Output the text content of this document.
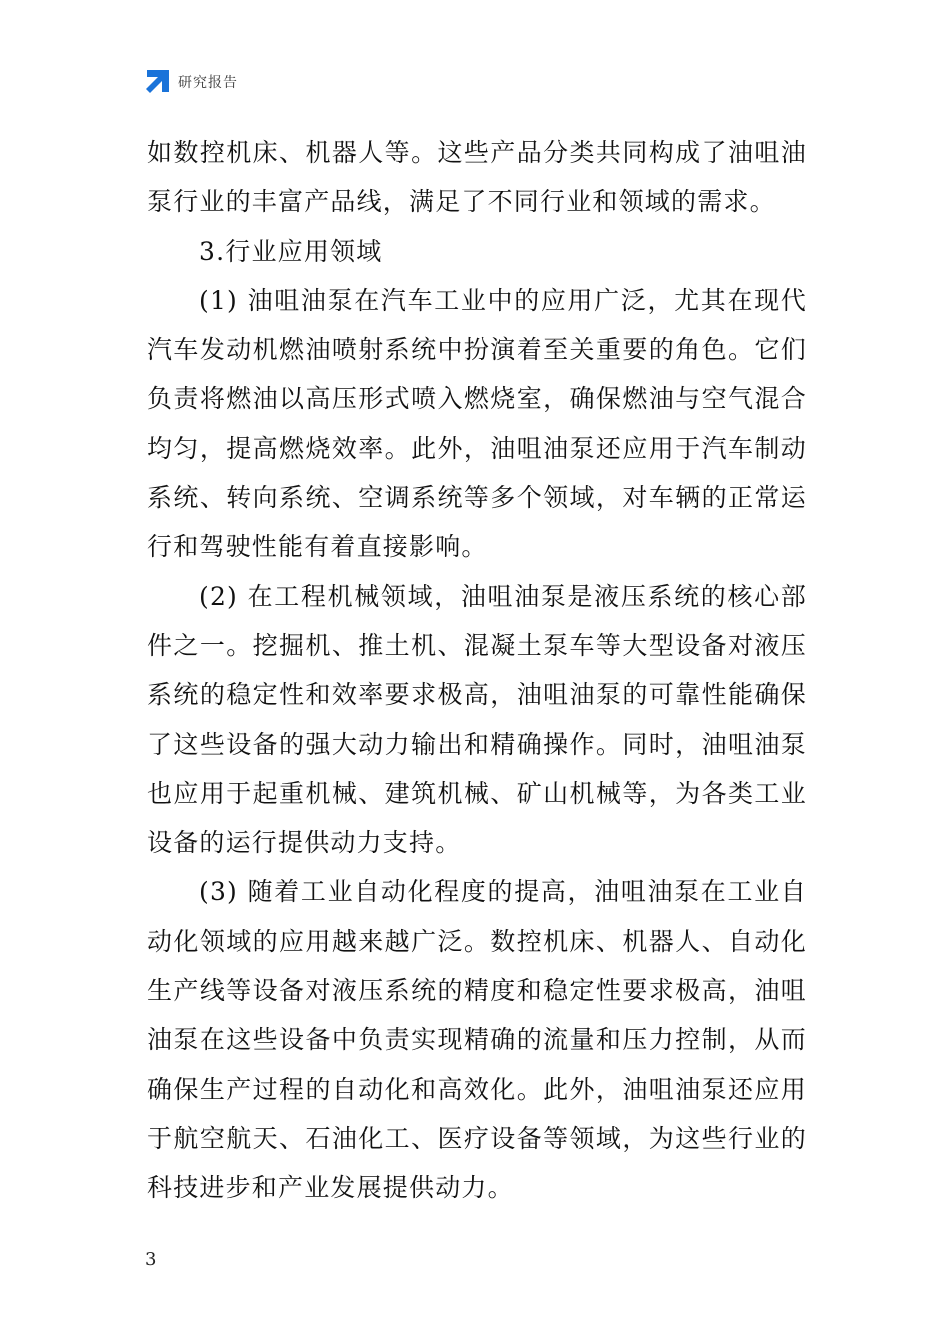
研究报告

如数控机床、机器人等。这些产品分类共同构成了油咀油泵行业的丰富产品线，满足了不同行业和领域的需求。

3.行业应用领域

(1) 油咀油泵在汽车工业中的应用广泛，尤其在现代汽车发动机燃油喷射系统中扮演着至关重要的角色。它们负责将燃油以高压形式喷入燃烧室，确保燃油与空气混合均匀，提高燃烧效率。此外，油咀油泵还应用于汽车制动系统、转向系统、空调系统等多个领域，对车辆的正常运行和驾驶性能有着直接影响。

(2) 在工程机械领域，油咀油泵是液压系统的核心部件之一。挖掘机、推土机、混凝土泵车等大型设备对液压系统的稳定性和效率要求极高，油咀油泵的可靠性能确保了这些设备的强大动力输出和精确操作。同时，油咀油泵也应用于起重机械、建筑机械、矿山机械等，为各类工业设备的运行提供动力支持。

(3) 随着工业自动化程度的提高，油咀油泵在工业自动化领域的应用越来越广泛。数控机床、机器人、自动化生产线等设备对液压系统的精度和稳定性要求极高，油咀油泵在这些设备中负责实现精确的流量和压力控制，从而确保生产过程的自动化和高效化。此外，油咀油泵还应用于航空航天、石油化工、医疗设备等领域，为这些行业的科技进步和产业发展提供动力。

3
